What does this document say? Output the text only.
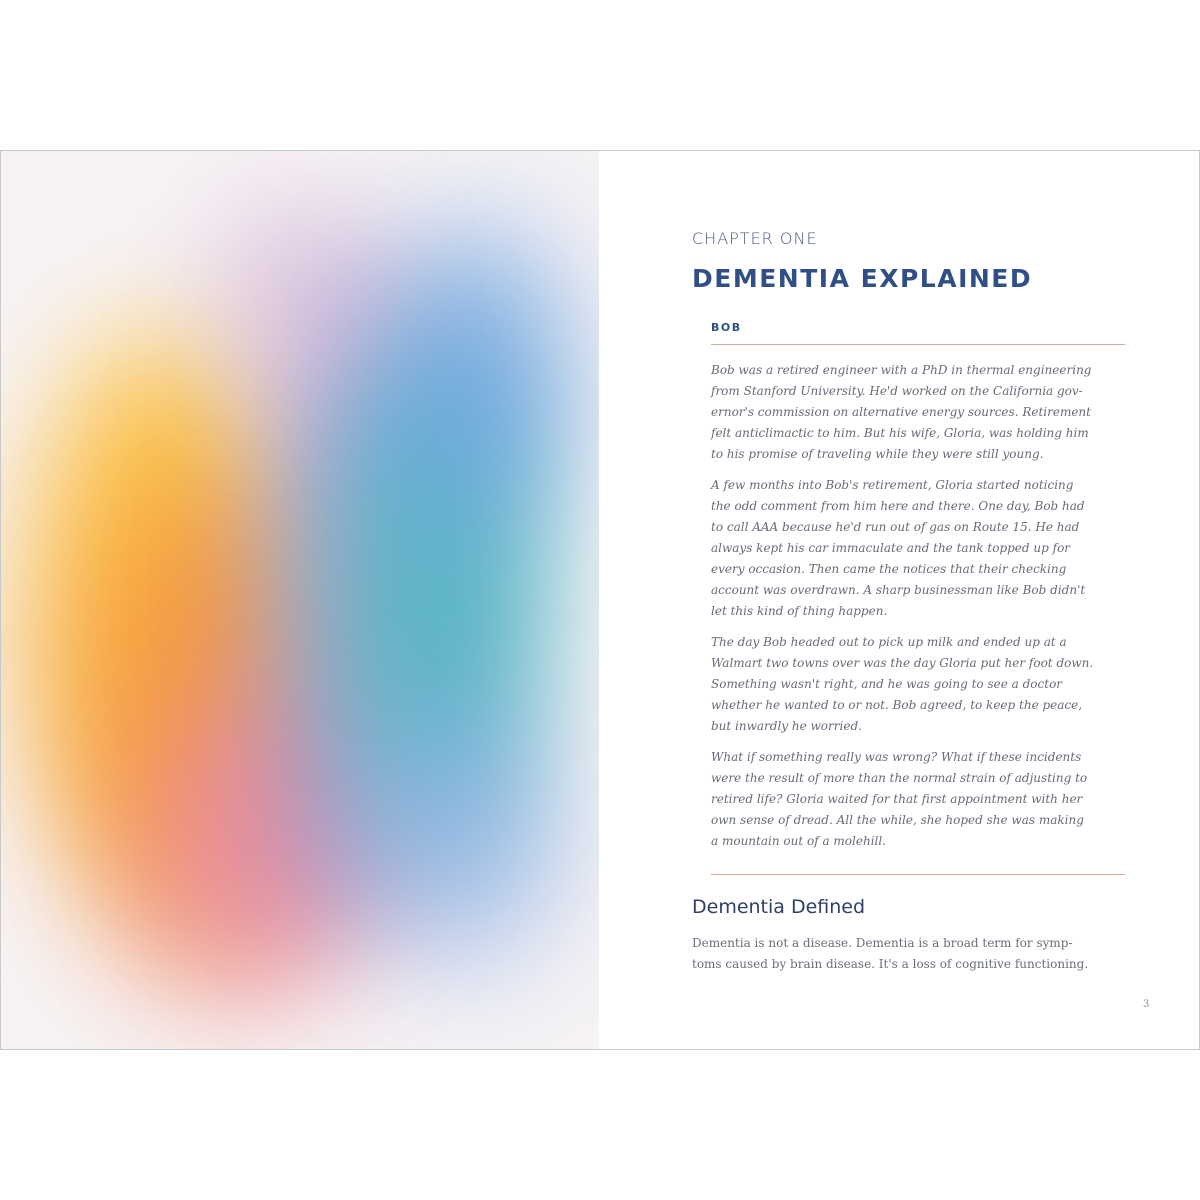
CHAPTER ONE
DEMENTIA EXPLAINED
BOB

Bob was a retired engineer with a PhD in thermal engineering
from Stanford University. He'd worked on the California gov-
ernor's commission on alternative energy sources. Retirement
felt anticlimactic to him. But his wife, Gloria, was holding him
to his promise of traveling while they were still young.

A few months into Bob's retirement, Gloria started noticing
the odd comment from him here and there. One day, Bob had
to call AAA because he'd run out of gas on Route 15. He had
always kept his car immaculate and the tank topped up for
every occasion. Then came the notices that their checking
account was overdrawn. A sharp businessman like Bob didn't
let this kind of thing happen.

The day Bob headed out to pick up milk and ended up at a
Walmart two towns over was the day Gloria put her foot down.
Something wasn't right, and he was going to see a doctor
whether he wanted to or not. Bob agreed, to keep the peace,
but inwardly he worried.

What if something really was wrong? What if these incidents
were the result of more than the normal strain of adjusting to
retired life? Gloria waited for that first appointment with her
own sense of dread. All the while, she hoped she was making
a mountain out of a molehill.

Dementia Defined

Dementia is not a disease. Dementia is a broad term for symp-
toms caused by brain disease. It's a loss of cognitive functioning.

3
